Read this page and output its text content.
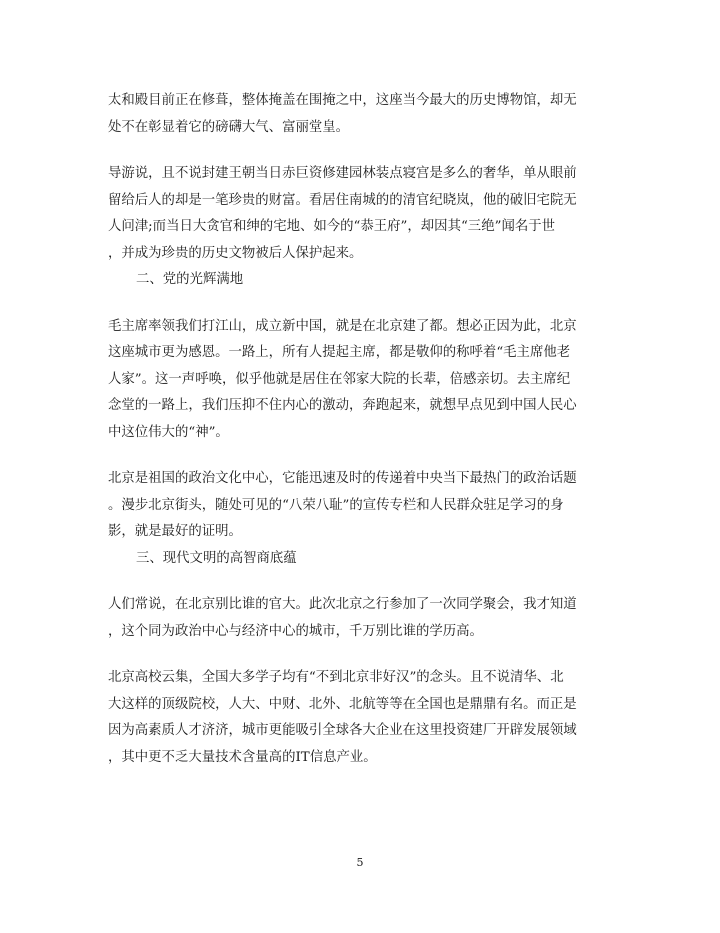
太和殿目前正在修葺，整体掩盖在围掩之中，这座当今最大的历史博物馆，却无
处不在彰显着它的磅礴大气、富丽堂皇。

导游说，且不说封建王朝当日赤巨资修建园林装点寝宫是多么的奢华，单从眼前
留给后人的却是一笔珍贵的财富。看居住南城的的清官纪晓岚，他的破旧宅院无
人问津;而当日大贪官和绅的宅地、如今的“恭王府”，却因其“三绝”闻名于世
，并成为珍贵的历史文物被后人保护起来。

二、党的光辉满地

毛主席率领我们打江山，成立新中国，就是在北京建了都。想必正因为此，北京
这座城市更为感恩。一路上，所有人提起主席，都是敬仰的称呼着“毛主席他老
人家”。这一声呼唤，似乎他就是居住在邻家大院的长辈，倍感亲切。去主席纪
念堂的一路上，我们压抑不住内心的激动，奔跑起来，就想早点见到中国人民心
中这位伟大的“神”。

北京是祖国的政治文化中心，它能迅速及时的传递着中央当下最热门的政治话题
。漫步北京街头，随处可见的“八荣八耻”的宣传专栏和人民群众驻足学习的身
影，就是最好的证明。

三、现代文明的高智商底蕴

人们常说，在北京别比谁的官大。此次北京之行参加了一次同学聚会，我才知道
，这个同为政治中心与经济中心的城市，千万别比谁的学历高。

北京高校云集，全国大多学子均有“不到北京非好汉”的念头。且不说清华、北
大这样的顶级院校，人大、中财、北外、北航等等在全国也是鼎鼎有名。而正是
因为高素质人才济济，城市更能吸引全球各大企业在这里投资建厂开辟发展领域
，其中更不乏大量技术含量高的IT信息产业。

5
